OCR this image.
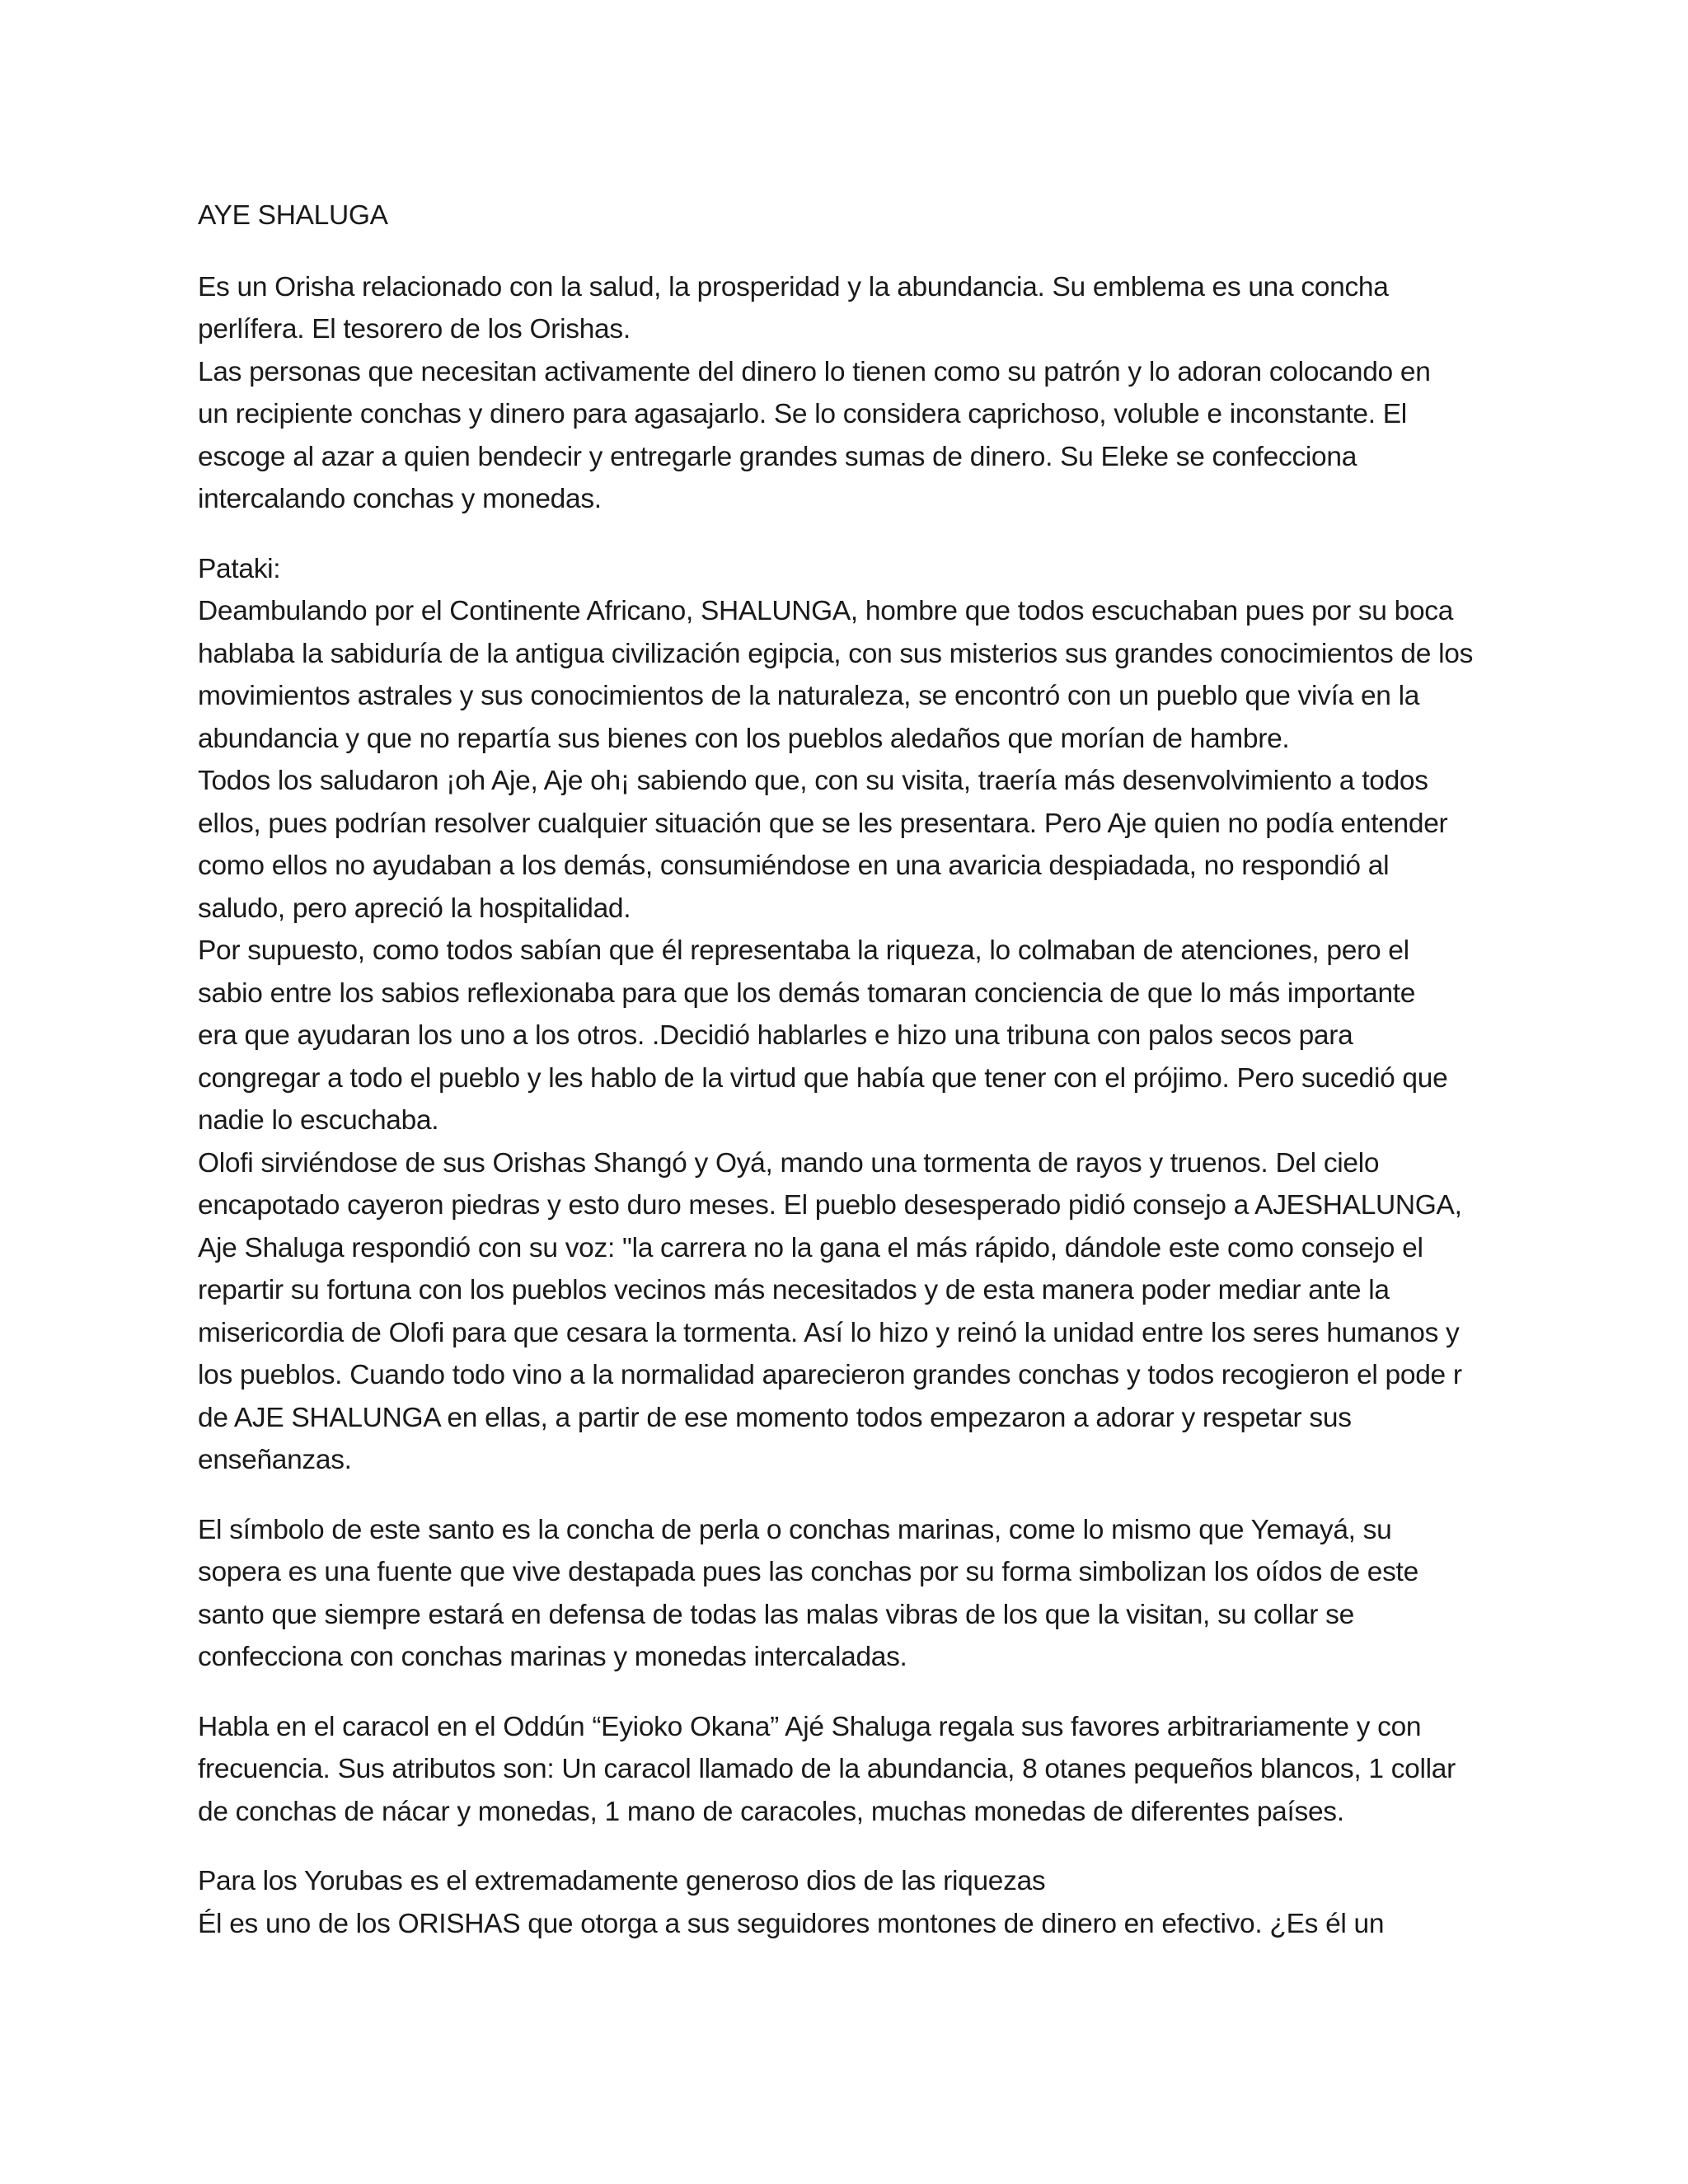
AYE SHALUGA
Es un Orisha relacionado con la salud, la prosperidad y la abundancia. Su emblema es una concha
perlífera. El tesorero de los Orishas.
Las personas que necesitan activamente del dinero lo tienen como su patrón y lo adoran colocando en
un recipiente conchas y dinero para agasajarlo. Se lo considera caprichoso, voluble e inconstante. El
escoge al azar a quien bendecir y entregarle grandes sumas de dinero. Su Eleke se confecciona
intercalando conchas y monedas.
Pataki:
Deambulando por el Continente Africano, SHALUNGA, hombre que todos escuchaban pues por su boca
hablaba la sabiduría de la antigua civilización egipcia, con sus misterios sus grandes conocimientos de los
movimientos astrales y sus conocimientos de la naturaleza, se encontró con un pueblo que vivía en la
abundancia y que no repartía sus bienes con los pueblos aledaños que morían de hambre.
Todos los saludaron ¡oh Aje, Aje oh¡ sabiendo que, con su visita, traería más desenvolvimiento a todos
ellos, pues podrían resolver cualquier situación que se les presentara. Pero Aje quien no podía entender
como ellos no ayudaban a los demás, consumiéndose en una avaricia despiadada, no respondió al
saludo, pero apreció la hospitalidad.
Por supuesto, como todos sabían que él representaba la riqueza, lo colmaban de atenciones, pero el
sabio entre los sabios reflexionaba para que los demás tomaran conciencia de que lo más importante
era que ayudaran los uno a los otros. .Decidió hablarles e hizo una tribuna con palos secos para
congregar a todo el pueblo y les hablo de la virtud que había que tener con el prójimo. Pero sucedió que
nadie lo escuchaba.
Olofi sirviéndose de sus Orishas Shangó y Oyá, mando una tormenta de rayos y truenos. Del cielo
encapotado cayeron piedras y esto duro meses. El pueblo desesperado pidió consejo a AJESHALUNGA,
Aje Shaluga respondió con su voz: "la carrera no la gana el más rápido, dándole este como consejo el
repartir su fortuna con los pueblos vecinos más necesitados y de esta manera poder mediar ante la
misericordia de Olofi para que cesara la tormenta. Así lo hizo y reinó la unidad entre los seres humanos y
los pueblos. Cuando todo vino a la normalidad aparecieron grandes conchas y todos recogieron el pode r
de AJE SHALUNGA en ellas, a partir de ese momento todos empezaron a adorar y respetar sus
enseñanzas.
El símbolo de este santo es la concha de perla o conchas marinas, come lo mismo que Yemayá, su
sopera es una fuente que vive destapada pues las conchas por su forma simbolizan los oídos de este
santo que siempre estará en defensa de todas las malas vibras de los que la visitan, su collar se
confecciona con conchas marinas y monedas intercaladas.
Habla en el caracol en el Oddún “Eyioko Okana” Ajé Shaluga regala sus favores arbitrariamente y con
frecuencia. Sus atributos son: Un caracol llamado de la abundancia, 8 otanes pequeños blancos, 1 collar
de conchas de nácar y monedas, 1 mano de caracoles, muchas monedas de diferentes países.
Para los Yorubas es el extremadamente generoso dios de las riquezas
Él es uno de los ORISHAS que otorga a sus seguidores montones de dinero en efectivo. ¿Es él un
